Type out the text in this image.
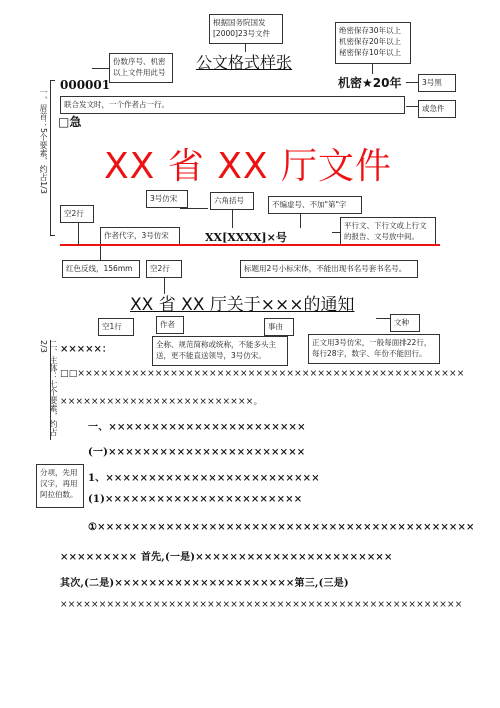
一、眉首：5个要素，约占1/3
二、主体：七个要素，约占2/3
根据国务院国发[2000]23号文件
份数序号、机密以上文件用此号
绝密保存30年以上
机密保存20年以上
秘密保存10年以上
3号黑
或急件
联合发文时，一个作者占一行。
空2行
3号仿宋	六角括号	不编虚号、不加"第"字
平行文、下行文或上行文的报告、文号放中间。
作者代字，3号仿宋
红色反线，156mm	空2行	标题用2号小标宋体，不能出现书名号套书名号。
空1行	作者	事由	文种
全称、规范简称或统称，不能多头主送，更不能直送领导，3号仿宋。
正文用3号仿宋，一般每面排22行，每行28字，数字、年份不能回行。
分项，先用汉字，再用阿拉伯数。
公文格式样张
000001	机密★20年
□急
XX 省 XX 厅文件
XX[XXXX]×号
XX 省 XX 厅关于×××的通知
×××××：
□□××××××××××××××××××××××××××××××××××××××××××××××××××
×××××××××××××××××××××××××。
一、×××××××××××××××××××××××
(一)×××××××××××××××××××××××
1、×××××××××××××××××××××××××
(1)×××××××××××××××××××××××
①××××××××××××××××××××××××××××××××××××××××××××
××××××××× 首先,(一是)×××××××××××××××××××××××
其次,(二是)×××××××××××××××××××××第三,(三是)
××××××××××××××××××××××××××××××××××××××××××××××××××××
